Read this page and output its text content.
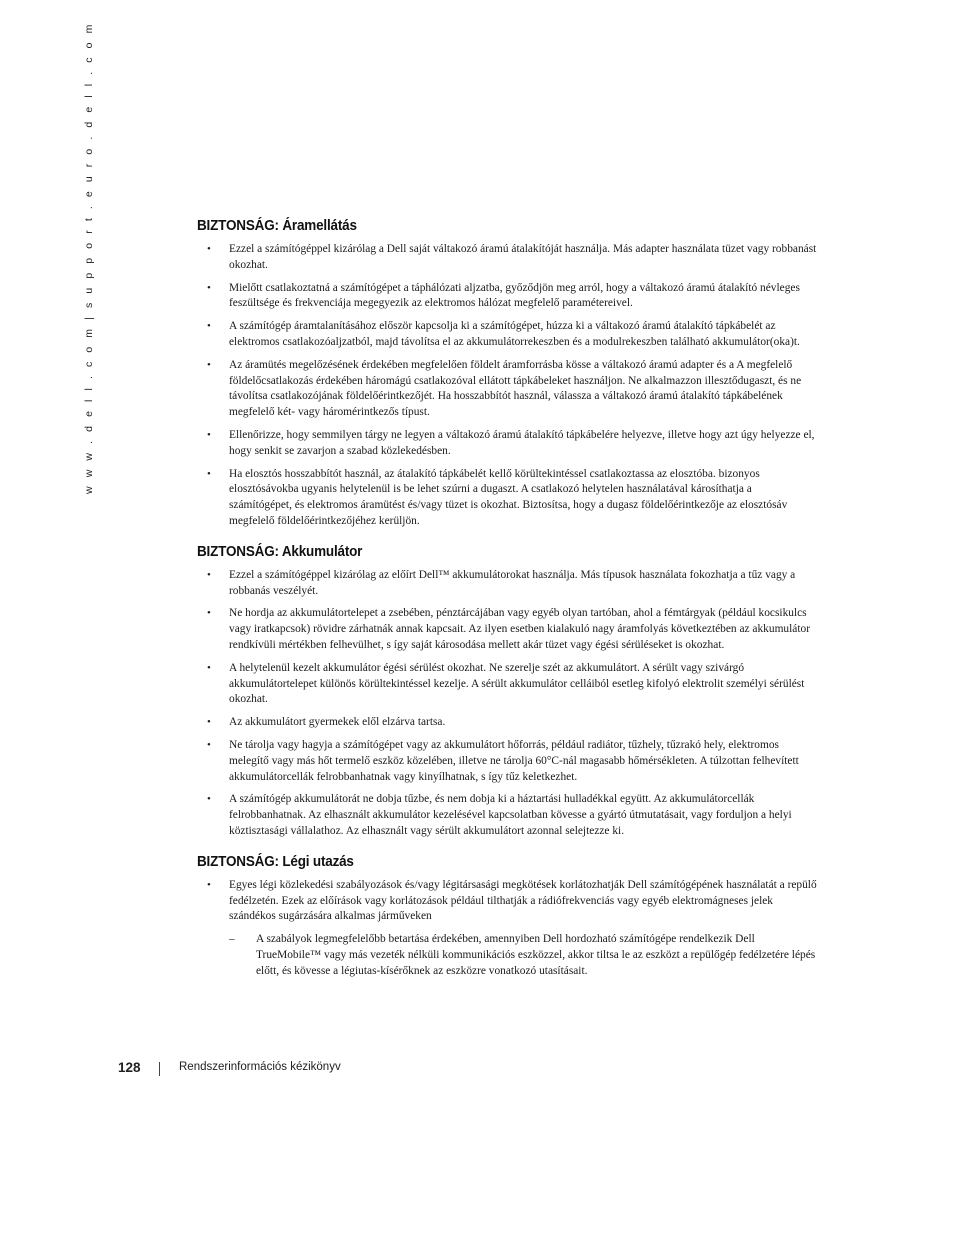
w w w . d e l l . c o m | s u p p o r t . e u r o . d e l l . c o m	BIZTONSÁG: Áramellátás
• Ezzel a számítógéppel kizárólag a Dell saját váltakozó áramú átalakítóját használja. Más adapter használata tüzet vagy robbanást okozhat.
• Mielőtt csatlakoztatná a számítógépet a táphálózati aljzatba, győződjön meg arról, hogy a váltakozó áramú átalakító névleges feszültsége és frekvenciája megegyezik az elektromos hálózat megfelelő paramétereivel.
• A számítógép áramtalanításához először kapcsolja ki a számítógépet, húzza ki a váltakozó áramú átalakító tápkábelét az elektromos csatlakozóaljzatból, majd távolítsa el az akkumulátorrekeszben és a modulrekeszben található akkumulátor(oka)t.
• Az áramütés megelőzésének érdekében megfelelően földelt áramforrásba kösse a váltakozó áramú adapter és a A megfelelő földelőcsatlakozás érdekében háromágú csatlakozóval ellátott tápkábeleket használjon. Ne alkalmazzon illesztődugaszt, és ne távolítsa csatlakozójának földelőérintkezőjét. Ha hosszabbítót használ, válassza a váltakozó áramú átalakító tápkábelének megfelelő két- vagy háromérintkezős típust.
• Ellenőrizze, hogy semmilyen tárgy ne legyen a váltakozó áramú átalakító tápkábelére helyezve, illetve hogy azt úgy helyezze el, hogy senkit se zavarjon a szabad közlekedésben.
• Ha elosztós hosszabbítót használ, az átalakító tápkábelét kellő körültekintéssel csatlakoztassa az elosztóba. bizonyos elosztósávokba ugyanis helytelenül is be lehet szúrni a dugaszt. A csatlakozó helytelen használatával károsíthatja a számítógépet, és elektromos áramütést és/vagy tüzet is okozhat. Biztosítsa, hogy a dugasz földelőérintkezője az elosztósáv megfelelő földelőérintkezőjéhez kerüljön.
BIZTONSÁG: Akkumulátor
• Ezzel a számítógéppel kizárólag az előírt Dell™ akkumulátorokat használja. Más típusok használata fokozhatja a tűz vagy a robbanás veszélyét.
• Ne hordja az akkumulátortelepet a zsebében, pénztárcájában vagy egyéb olyan tartóban, ahol a fémtárgyak (például kocsikulcs vagy iratkapcsok) rövidre zárhatnák annak kapcsait. Az ilyen esetben kialakuló nagy áramfolyás következtében az akkumulátor rendkívüli mértékben felhevülhet, s így saját károsodása mellett akár tüzet vagy égési sérüléseket is okozhat.
• A helytelenül kezelt akkumulátor égési sérülést okozhat. Ne szerelje szét az akkumulátort. A sérült vagy szivárgó akkumulátortelepet különös körültekintéssel kezelje. A sérült akkumulátor celláiból esetleg kifolyó elektrolit személyi sérülést okozhat.
• Az akkumulátort gyermekek elől elzárva tartsa.
• Ne tárolja vagy hagyja a számítógépet vagy az akkumulátort hőforrás, például radiátor, tűzhely, tűzrakó hely, elektromos melegítő vagy más hőt termelő eszköz közelében, illetve ne tárolja 60°C-nál magasabb hőmérsékleten. A túlzottan felhevített akkumulátorcellák felrobbanhatnak vagy kinyílhatnak, s így tűz keletkezhet.
• A számítógép akkumulátorát ne dobja tűzbe, és nem dobja ki a háztartási hulladékkal együtt. Az akkumulátorcellák felrobbanhatnak. Az elhasznált akkumulátor kezelésével kapcsolatban kövesse a gyártó útmutatásait, vagy forduljon a helyi köztisztasági vállalathoz. Az elhasznált vagy sérült akkumulátort azonnal selejtezze ki.
BIZTONSÁG: Légi utazás
• Egyes légi közlekedési szabályozások és/vagy légitársasági megkötések korlátozhatják Dell számítógépének használatát a repülő fedélzetén. Ezek az előírások vagy korlátozások például tilthatják a rádiófrekvenciás vagy egyéb elektromágneses jelek szándékos sugárzására alkalmas járműveken
– A szabályok legmegfelelőbb betartása érdekében, amennyiben Dell hordozható számítógépe rendelkezik Dell TrueMobile™ vagy más vezeték nélküli kommunikációs eszközzel, akkor tiltsa le az eszközt a repülőgép fedélzetére lépés előtt, és kövesse a légiutas-kísérőknek az eszközre vonatkozó utasításait.
128	Rendszerinformációs kézikönyv
